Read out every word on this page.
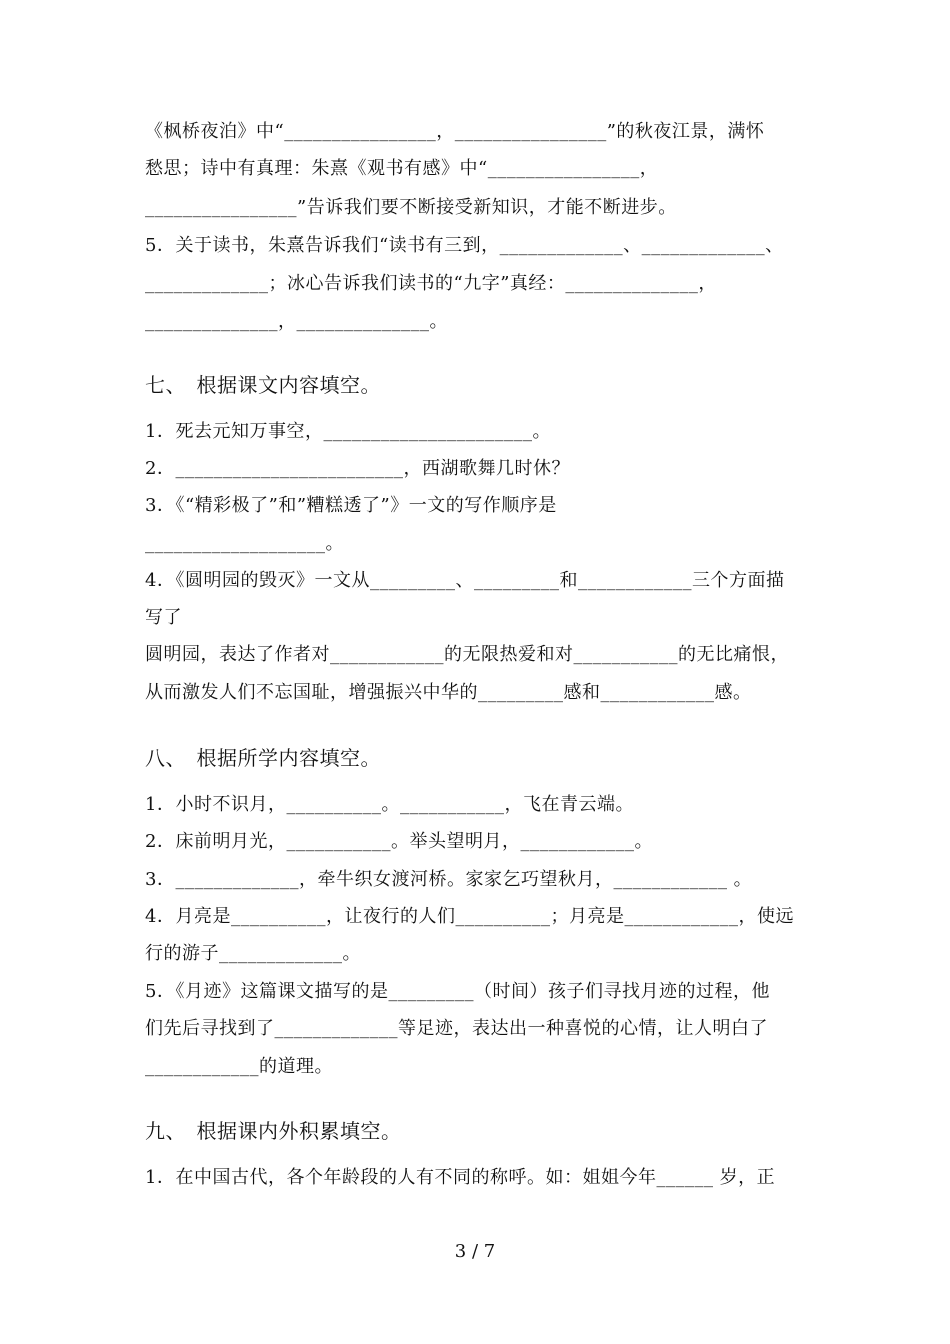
《枫桥夜泊》中“________________，________________”的秋夜江景，满怀
愁思；诗中有真理：朱熹《观书有感》中“________________，
________________”告诉我们要不断接受新知识，才能不断进步。
5．关于读书，朱熹告诉我们“读书有三到，_____________、_____________、
_____________；冰心告诉我们读书的“九字”真经：______________，
______________，______________。
七、　根据课文内容填空。
1．死去元知万事空，______________________。
2．________________________，西湖歌舞几时休？
3．《“精彩极了”和”糟糕透了”》一文的写作顺序是
___________________。
4．《圆明园的毁灭》一文从_________、_________和____________三个方面描
写了
圆明园，表达了作者对____________的无限热爱和对___________的无比痛恨，
从而激发人们不忘国耻，增强振兴中华的_________感和____________感。
八、　根据所学内容填空。
1．小时不识月，__________。___________，飞在青云端。
2．床前明月光，___________。举头望明月，____________。
3．_____________，牵牛织女渡河桥。家家乞巧望秋月，____________ 。
4．月亮是__________，让夜行的人们__________；月亮是____________，使远
行的游子_____________。
5．《月迹》这篇课文描写的是_________（时间）孩子们寻找月迹的过程，他
们先后寻找到了_____________等足迹，表达出一种喜悦的心情，让人明白了
____________的道理。
九、　根据课内外积累填空。
1．在中国古代，各个年龄段的人有不同的称呼。如：姐姐今年______ 岁，正
3 / 7
